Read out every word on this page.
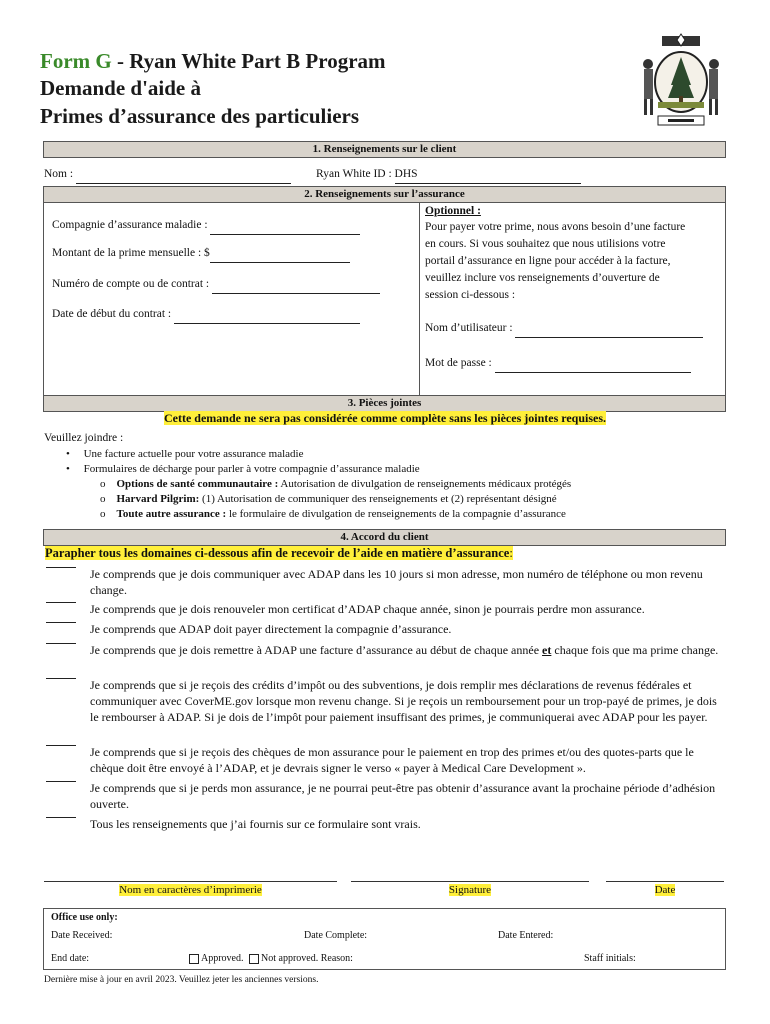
Form G - Ryan White Part B Program
Demande d'aide à
Primes d’assurance des particuliers
1. Renseignements sur le client
Nom :	Ryan White ID : DHS
2. Renseignements sur l’assurance
Compagnie d’assurance maladie :
Montant de la prime mensuelle : $
Numéro de compte ou de contrat :
Date de début du contrat :
Optionnel :
Pour payer votre prime, nous avons besoin d’une facture
en cours. Si vous souhaitez que nous utilisions votre
portail d’assurance en ligne pour accéder à la facture,
veuillez inclure vos renseignements d’ouverture de
session ci-dessous :
Nom d’utilisateur :
Mot de passe :
3. Pièces jointes
Cette demande ne sera pas considérée comme complète sans les pièces jointes requises.
Veuillez joindre :
•     Une facture actuelle pour votre assurance maladie
•     Formulaires de décharge pour parler à votre compagnie d’assurance maladie
o Options de santé communautaire : Autorisation de divulgation de renseignements médicaux protégés
o Harvard Pilgrim: (1) Autorisation de communiquer des renseignements et (2) représentant désigné
o Toute autre assurance : le formulaire de divulgation de renseignements de la compagnie d’assurance
4. Accord du client
Parapher tous les domaines ci-dessous afin de recevoir de l’aide en matière d’assurance:
Je comprends que je dois communiquer avec ADAP dans les 10 jours si mon adresse, mon numéro de téléphone ou mon revenu change.
Je comprends que je dois renouveler mon certificat d’ADAP chaque année, sinon je pourrais perdre mon assurance.
Je comprends que ADAP doit payer directement la compagnie d’assurance.
Je comprends que je dois remettre à ADAP une facture d’assurance au début de chaque année et chaque fois que ma prime change.
Je comprends que si je reçois des crédits d’impôt ou des subventions, je dois remplir mes déclarations de revenus fédérales et communiquer avec CoverME.gov lorsque mon revenu change. Si je reçois un remboursement pour un trop-payé de primes, je dois le rembourser à ADAP. Si je dois de l’impôt pour paiement insuffisant des primes, je communiquerai avec ADAP pour les payer.
Je comprends que si je reçois des chèques de mon assurance pour le paiement en trop des primes et/ou des quotes-parts que le chèque doit être envoyé à l’ADAP, et je devrais signer le verso « payer à Medical Care Development ».
Je comprends que si je perds mon assurance, je ne pourrai peut-être pas obtenir d’assurance avant la prochaine période d’adhésion ouverte.
Tous les renseignements que j’ai fournis sur ce formulaire sont vrais.
Nom en caractères d’imprimerie	Signature	Date
Office use only:
Date Received:	Date Complete:	Date Entered:
End date:	Approved. Not approved. Reason:	Staff initials:
Dernière mise à jour en avril 2023. Veuillez jeter les anciennes versions.
